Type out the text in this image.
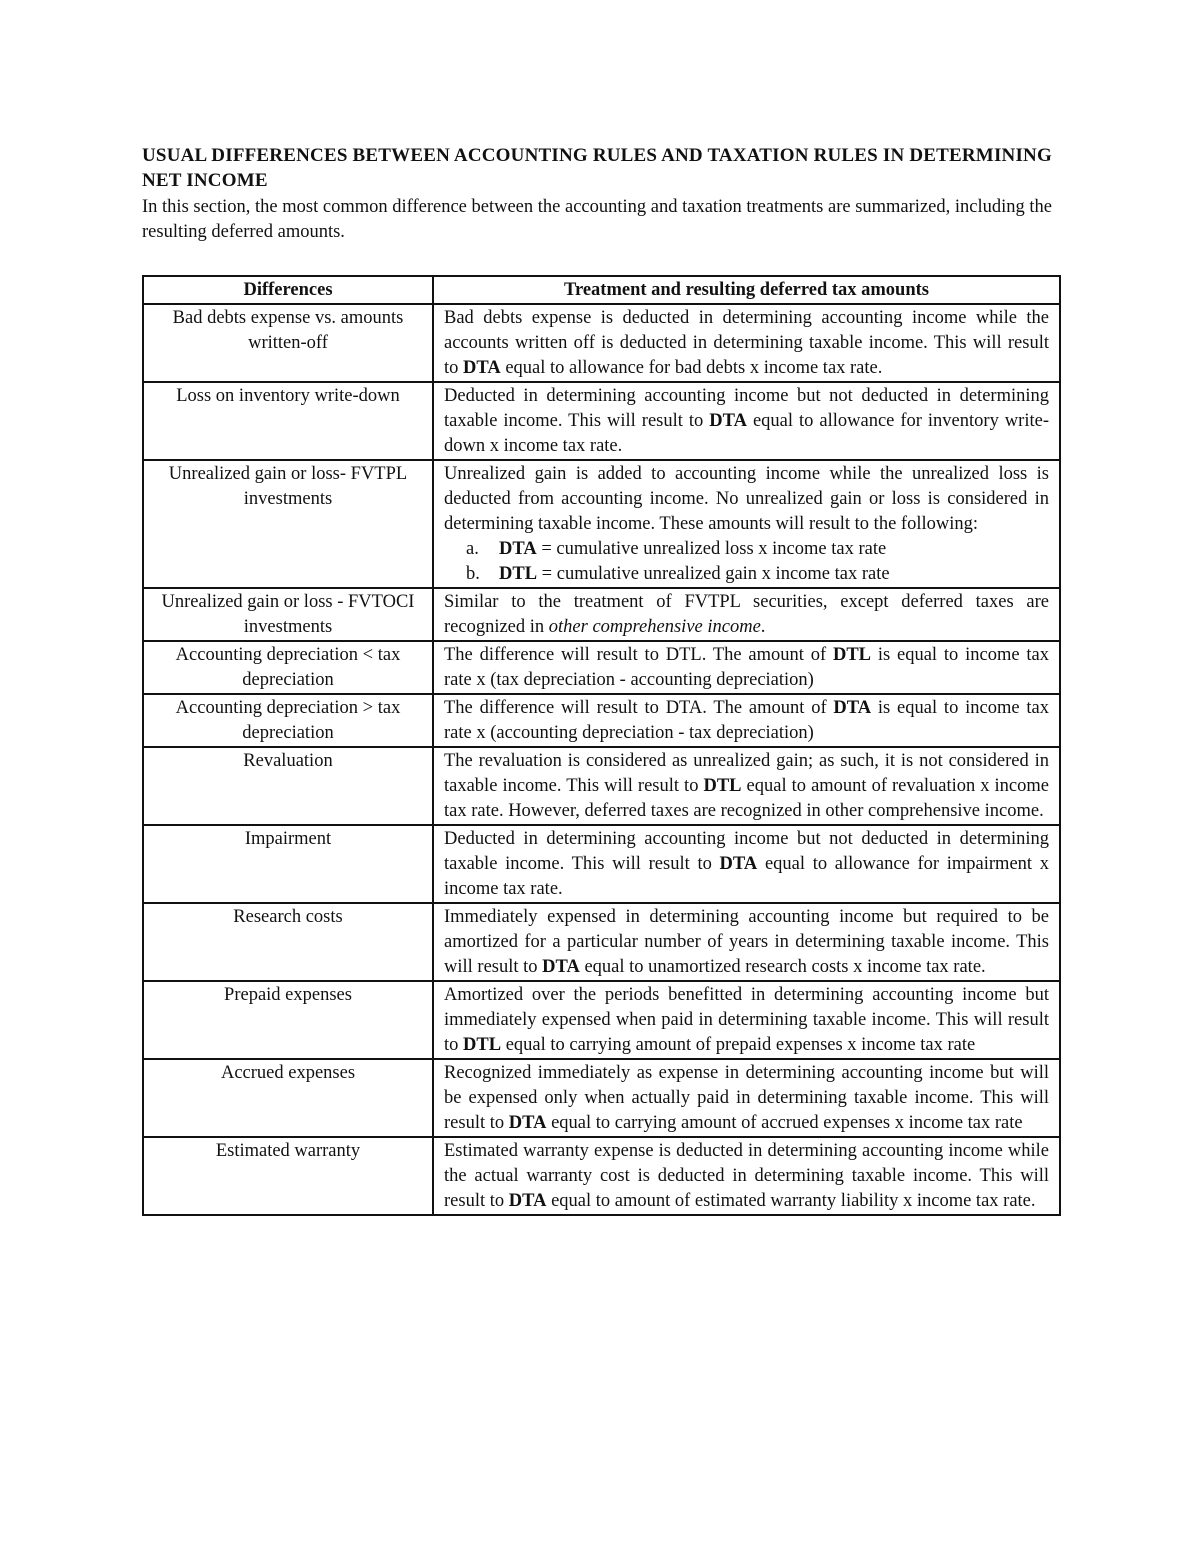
USUAL DIFFERENCES BETWEEN ACCOUNTING RULES AND TAXATION RULES IN DETERMINING NET INCOME

In this section, the most common difference between the accounting and taxation treatments are summarized, including the resulting deferred amounts.

Differences	Treatment and resulting deferred tax amounts
Bad debts expense vs. amounts written-off	Bad debts expense is deducted in determining accounting income while the accounts written off is deducted in determining taxable income. This will result to DTA equal to allowance for bad debts x income tax rate.
Loss on inventory write-down	Deducted in determining accounting income but not deducted in determining taxable income. This will result to DTA equal to allowance for inventory write-down x income tax rate.
Unrealized gain or loss- FVTPL investments	Unrealized gain is added to accounting income while the unrealized loss is deducted from accounting income. No unrealized gain or loss is considered in determining taxable income. These amounts will result to the following:
a. DTA = cumulative unrealized loss x income tax rate
b. DTL = cumulative unrealized gain x income tax rate

Unrealized gain or loss - FVTOCI investments	Similar to the treatment of FVTPL securities, except deferred taxes are recognized in other comprehensive income.
Accounting depreciation < tax depreciation	The difference will result to DTL. The amount of DTL is equal to income tax rate x (tax depreciation - accounting depreciation)
Accounting depreciation > tax depreciation	The difference will result to DTA. The amount of DTA is equal to income tax rate x (accounting depreciation - tax depreciation)
Revaluation	The revaluation is considered as unrealized gain; as such, it is not considered in taxable income. This will result to DTL equal to amount of revaluation x income tax rate. However, deferred taxes are recognized in other comprehensive income.
Impairment	Deducted in determining accounting income but not deducted in determining taxable income. This will result to DTA equal to allowance for impairment x income tax rate.
Research costs	Immediately expensed in determining accounting income but required to be amortized for a particular number of years in determining taxable income. This will result to DTA equal to unamortized research costs x income tax rate.
Prepaid expenses	Amortized over the periods benefitted in determining accounting income but immediately expensed when paid in determining taxable income. This will result to DTL equal to carrying amount of prepaid expenses x income tax rate
Accrued expenses	Recognized immediately as expense in determining accounting income but will be expensed only when actually paid in determining taxable income. This will result to DTA equal to carrying amount of accrued expenses x income tax rate
Estimated warranty	Estimated warranty expense is deducted in determining accounting income while the actual warranty cost is deducted in determining taxable income. This will result to DTA equal to amount of estimated warranty liability x income tax rate.
